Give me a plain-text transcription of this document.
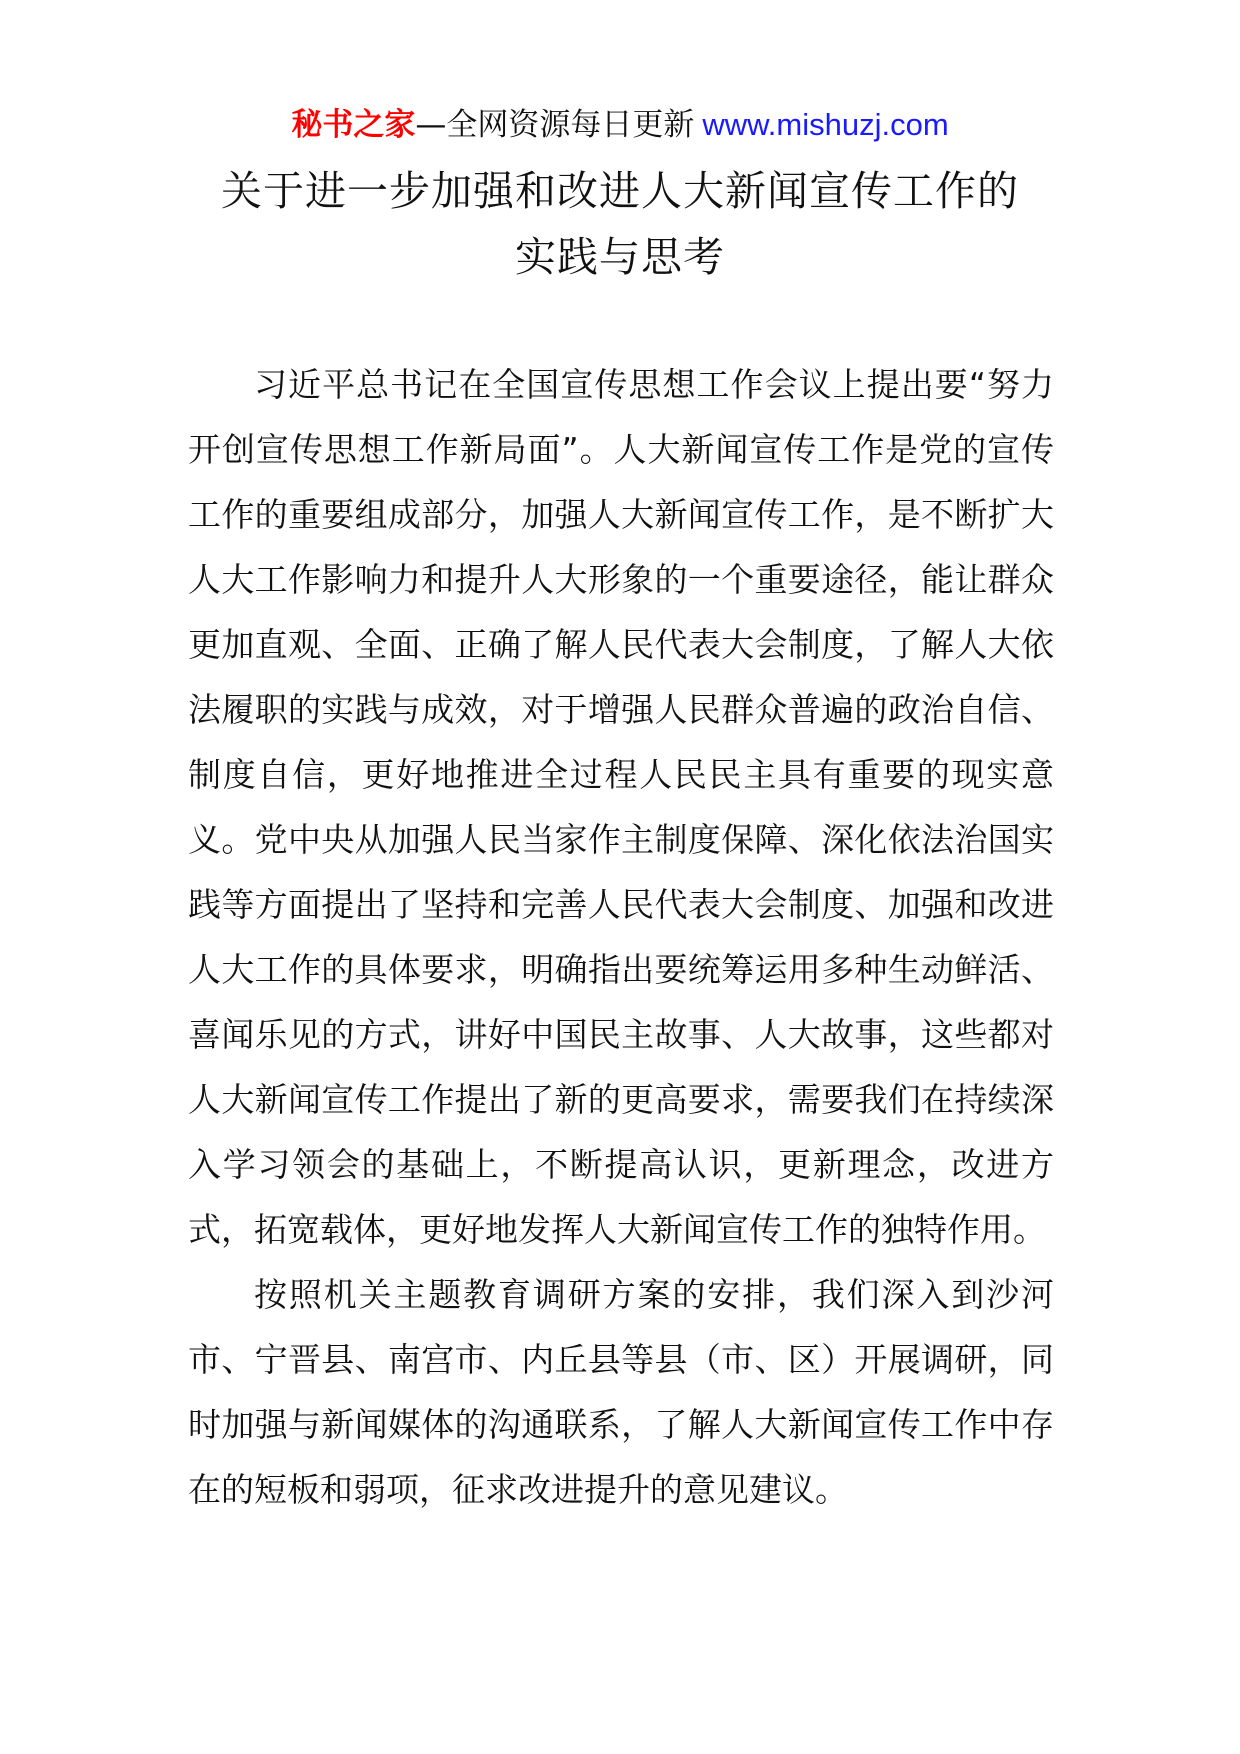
秘书之家—全网资源每日更新 www.mishuzj.com
关于进一步加强和改进人大新闻宣传工作的
实践与思考

习近平总书记在全国宣传思想工作会议上提出要“努力开创宣传思想工作新局面”。人大新闻宣传工作是党的宣传工作的重要组成部分，加强人大新闻宣传工作，是不断扩大人大工作影响力和提升人大形象的一个重要途径，能让群众更加直观、全面、正确了解人民代表大会制度，了解人大依法履职的实践与成效，对于增强人民群众普遍的政治自信、制度自信，更好地推进全过程人民民主具有重要的现实意义。党中央从加强人民当家作主制度保障、深化依法治国实践等方面提出了坚持和完善人民代表大会制度、加强和改进人大工作的具体要求，明确指出要统筹运用多种生动鲜活、喜闻乐见的方式，讲好中国民主故事、人大故事，这些都对人大新闻宣传工作提出了新的更高要求，需要我们在持续深入学习领会的基础上，不断提高认识，更新理念，改进方式，拓宽载体，更好地发挥人大新闻宣传工作的独特作用。

按照机关主题教育调研方案的安排，我们深入到沙河市、宁晋县、南宫市、内丘县等县（市、区）开展调研，同时加强与新闻媒体的沟通联系，了解人大新闻宣传工作中存在的短板和弱项，征求改进提升的意见建议。
